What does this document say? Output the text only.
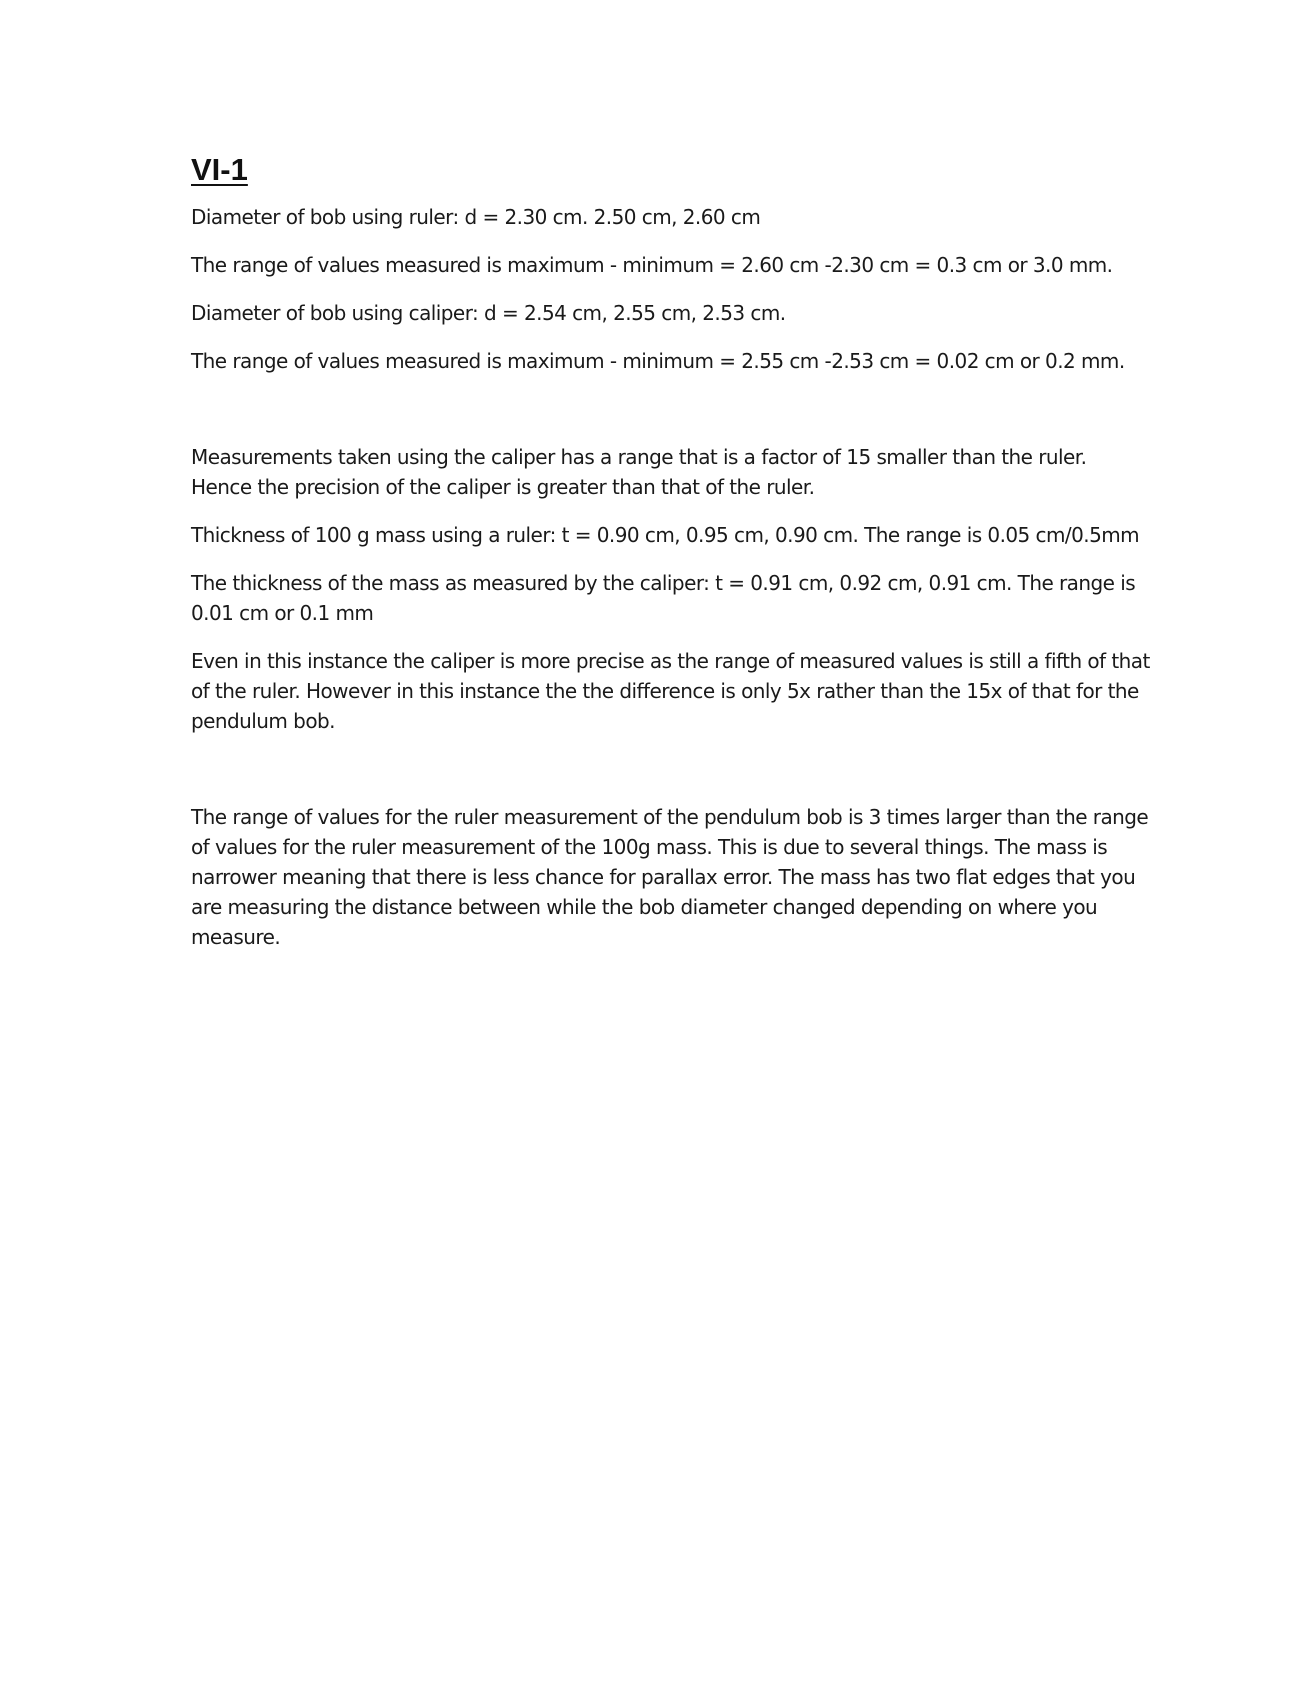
VI-1

Diameter of bob using ruler: d = 2.30 cm. 2.50 cm, 2.60 cm

The range of values measured is maximum - minimum = 2.60 cm -2.30 cm = 0.3 cm or 3.0 mm.

Diameter of bob using caliper: d = 2.54 cm, 2.55 cm, 2.53 cm.

The range of values measured is maximum - minimum = 2.55 cm -2.53 cm = 0.02 cm or 0.2 mm.

Measurements taken using the caliper has a range that is a factor of 15 smaller than the ruler. Hence the precision of the caliper is greater than that of the ruler.

Thickness of 100 g mass using a ruler: t = 0.90 cm, 0.95 cm, 0.90 cm. The range is 0.05 cm/0.5mm

The thickness of the mass as measured by the caliper: t = 0.91 cm, 0.92 cm, 0.91 cm. The range is 0.01 cm or 0.1 mm

Even in this instance the caliper is more precise as the range of measured values is still a fifth of that of the ruler. However in this instance the the difference is only 5x rather than the 15x of that for the pendulum bob.

The range of values for the ruler measurement of the pendulum bob is 3 times larger than the range of values for the ruler measurement of the 100g mass. This is due to several things. The mass is narrower meaning that there is less chance for parallax error. The mass has two flat edges that you are measuring the distance between while the bob diameter changed depending on where you measure.
